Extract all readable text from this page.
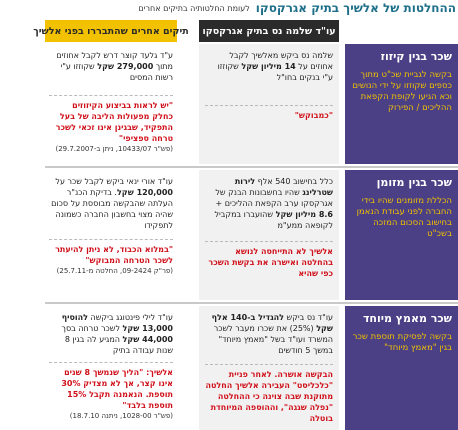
ההחלטות של אלשיך בתיק אגרקסקו
לעומת החלטותיה בתיקים אחרים
עו"ד שלמה נס בתיק אגרקסקו
תיקים אחרים שהתבררו בפני אלשיך
שכר בגין קיזוז
בקשה לגביית שכ"ט מתוך כספים שקוזזו על ידי הנושים וכא הגיעו לקופת הקפאת ההליכים / הפירוק
שלמה נס ביקש מאלשיך לקבל אחוזים על 14 מיליון שקל שקוזזו ע"י בנקים בחו"ל
"כמבוקש"
ע"ד גלעד קוצר דרש לקבל אחוזים מתוך 279,000 שקל שקוזזו ע"י רשות המסים
"יש לראות בביצוע הקיזוזים כחלק מפעולות הליבה של בעל התפקיד, שבגינן אינו זכאי לשכר טרחה ספציפי"
(פש"ר 10433/07, ניתן ב-29.7.2007)
שכר בגין מזומן
הכללת מזומנים שהיו בידי החברה לפני עבודת הנאמן בחישוב הסכום המזכה בשכ"ט
כלל בחישוב 540 אלף לירות שטרלינג שהיו בחשבונות הבנק של אגרקסקו ערב הקפאת ההליכים + 8.6 מיליון שקל שהועברו במקביל לקופאה ממע"מ
אלשיך לא התייחסה לנושא בהחלטה ואישרה את בקשת השכר כפי שהיא
עו"ד אורי ינאי ביקש לקבל שכר על 120,000 שקל. בדיקת הכנ"ר העלתה שהבקשה מבוססת על סכום שהיה מצוי בחשבון החברה כשמונה לתפקידו
"במלוא הכבוד, לא ניתן להיעתר לשכר הטרחה המבוקש"
(פר"ק 09-2424, החלטה מ-25.7.11)
שכר מאמץ מיוחד
בקשה לפסיקת תוספת שכר בגין "מאמץ מיוחד"
עו"ד נס ביקש להגדיל ב-140 אלף שקל (25%) את שכרו מעבר לשכר המשרד ועו"ד בשל "מאמץ מיוחד" במשך 5 חודשים
הבקשה אושרה. לאחר פניית "כלכליסט" העבירה אלשיך החלטה מתוקנת שבה צוינה כי ההחלטה "נפלה שגגה", וההוספה המיוחדת בוטלה
עו"ד לילי פינטוגג ביקשה להוסיף 13,000 שקל לשכר טרחה בסך 44,000 שקל המגיע לה בגין 8 שנות עבודה בתיק
אלשיך: "הליך שנמשך 8 שנים אינו קצר, אך לא מצדיק 30% תוספת. הנאמנה תקבל 15% תוספת בלבד"
(פש"ר 1028-00, ניתנה 18.7.10)
